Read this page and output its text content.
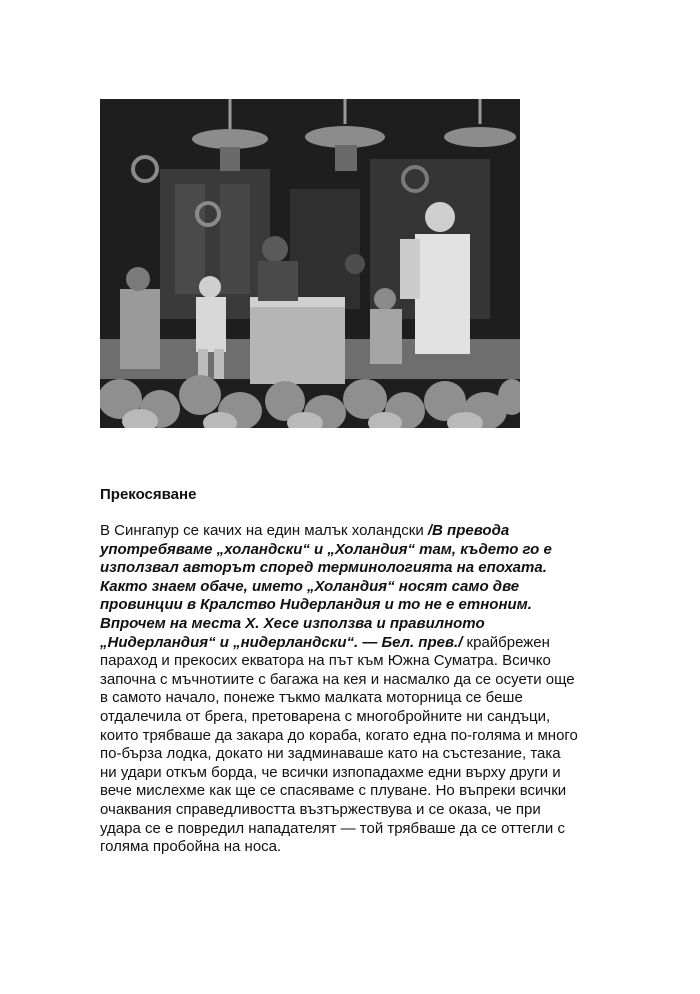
Прекосяване

В Сингапур се качих на един малък холандски /В превода употребяваме „холандски“ и „Холандия“ там, където го е използвал авторът според терминологията на епохата. Както знаем обаче, името „Холандия“ носят само две провинции в Кралство Нидерландия и то не е етноним. Впрочем на места Х. Хесе използва и правилното „Нидерландия“ и „нидерландски“. — Бел. прев./ крайбрежен параход и прекосих екватора на път към Южна Суматра. Всичко започна с мъчнотиите с багажа на кея и насмалко да се осуети още в самото начало, понеже тъкмо малката моторница се беше отдалечила от брега, претоварена с многобройните ни сандъци, които трябваше да закара до кораба, когато една по-голяма и много по-бърза лодка, докато ни задминаваше като на състезание, така ни удари откъм борда, че всички изпопадахме едни върху други и вече мислехме как ще се спасяваме с плуване. Но въпреки всички очаквания справедливостта възтържествува и се оказа, че при удара се е повредил нападателят — той трябваше да се оттегли с голяма пробойна на носа.
